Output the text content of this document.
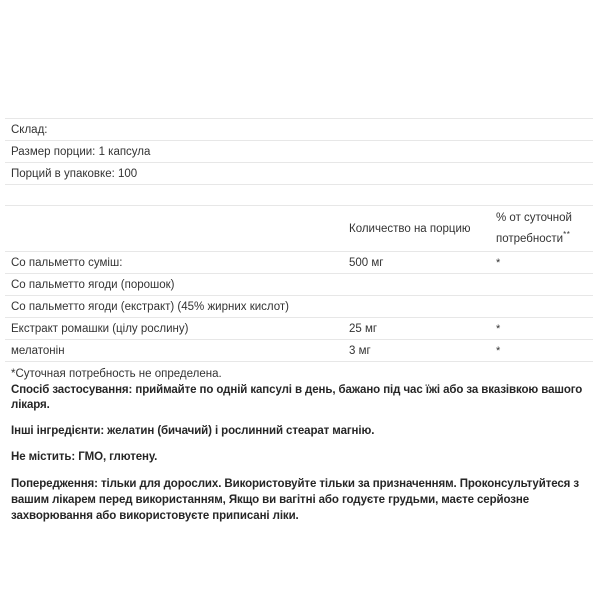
Склад:		
Размер порции: 1 капсула		
Порций в упаковке: 100		

	Количество на порцию	% от суточной
потребности**

Со пальметто суміш:	500 мг	*
Со пальметто ягоди (порошок)		
Со пальметто ягоди (екстракт) (45% жирних кислот)		
Екстракт ромашки (цілу рослину)	25 мг	*
мелатонін	3 мг	*
*Суточная потребность не определена.		

Спосіб застосування: приймайте по одній капсулі в день, бажано під час їжі або за вказівкою вашого лікаря.

Інші інгредієнти: желатин (бичачий) і рослинний стеарат магнію.

Не містить: ГМО, глютену.

Попередження: тільки для дорослих. Використовуйте тільки за призначенням. Проконсультуйтеся з вашим лікарем перед використанням, Якщо ви вагітні або годуєте грудьми, маєте серйозне захворювання або використовуєте приписані ліки.
